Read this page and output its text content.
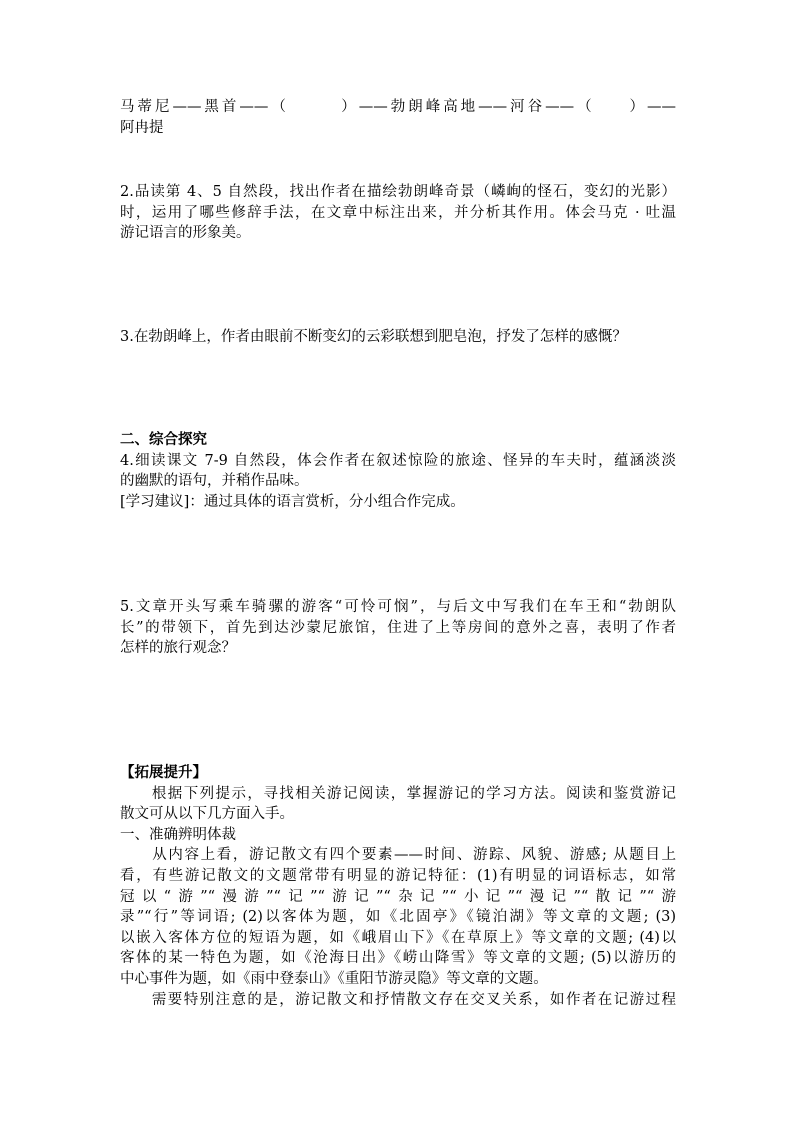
马蒂尼——黑首——（　　　）——勃朗峰高地——河谷——（　　）——
阿冉提
2.品读第 4、5 自然段，找出作者在描绘勃朗峰奇景（嶙峋的怪石，变幻的光影）
时，运用了哪些修辞手法，在文章中标注出来，并分析其作用。体会马克 · 吐温
游记语言的形象美。
3.在勃朗峰上，作者由眼前不断变幻的云彩联想到肥皂泡，抒发了怎样的感慨？
二、综合探究
4.细读课文 7-9 自然段，体会作者在叙述惊险的旅途、怪异的车夫时，蕴涵淡淡
的幽默的语句，并稍作品味。
[学习建议]：通过具体的语言赏析，分小组合作完成。
5.文章开头写乘车骑骡的游客“可怜可悯”，与后文中写我们在车王和“勃朗队
长”的带领下，首先到达沙蒙尼旅馆，住进了上等房间的意外之喜，表明了作者
怎样的旅行观念？
【拓展提升】
　　根据下列提示，寻找相关游记阅读，掌握游记的学习方法。阅读和鉴赏游记
散文可从以下几方面入手。
一、准确辨明体裁
　　从内容上看，游记散文有四个要素——时间、游踪、风貌、游感; 从题目上
看，有些游记散文的文题常带有明显的游记特征：(1)有明显的词语标志，如常
冠以“游”“漫游”“记”“游记”“杂记”“小记”“漫记”“散记”“游
录”“行”等词语; (2)以客体为题，如《北固亭》《镜泊湖》等文章的文题; (3)
以嵌入客体方位的短语为题，如《峨眉山下》《在草原上》等文章的文题; (4)以
客体的某一特色为题，如《沧海日出》《崂山降雪》等文章的文题; (5)以游历的
中心事件为题，如《雨中登泰山》《重阳节游灵隐》等文章的文题。
　　需要特别注意的是，游记散文和抒情散文存在交叉关系，如作者在记游过程
